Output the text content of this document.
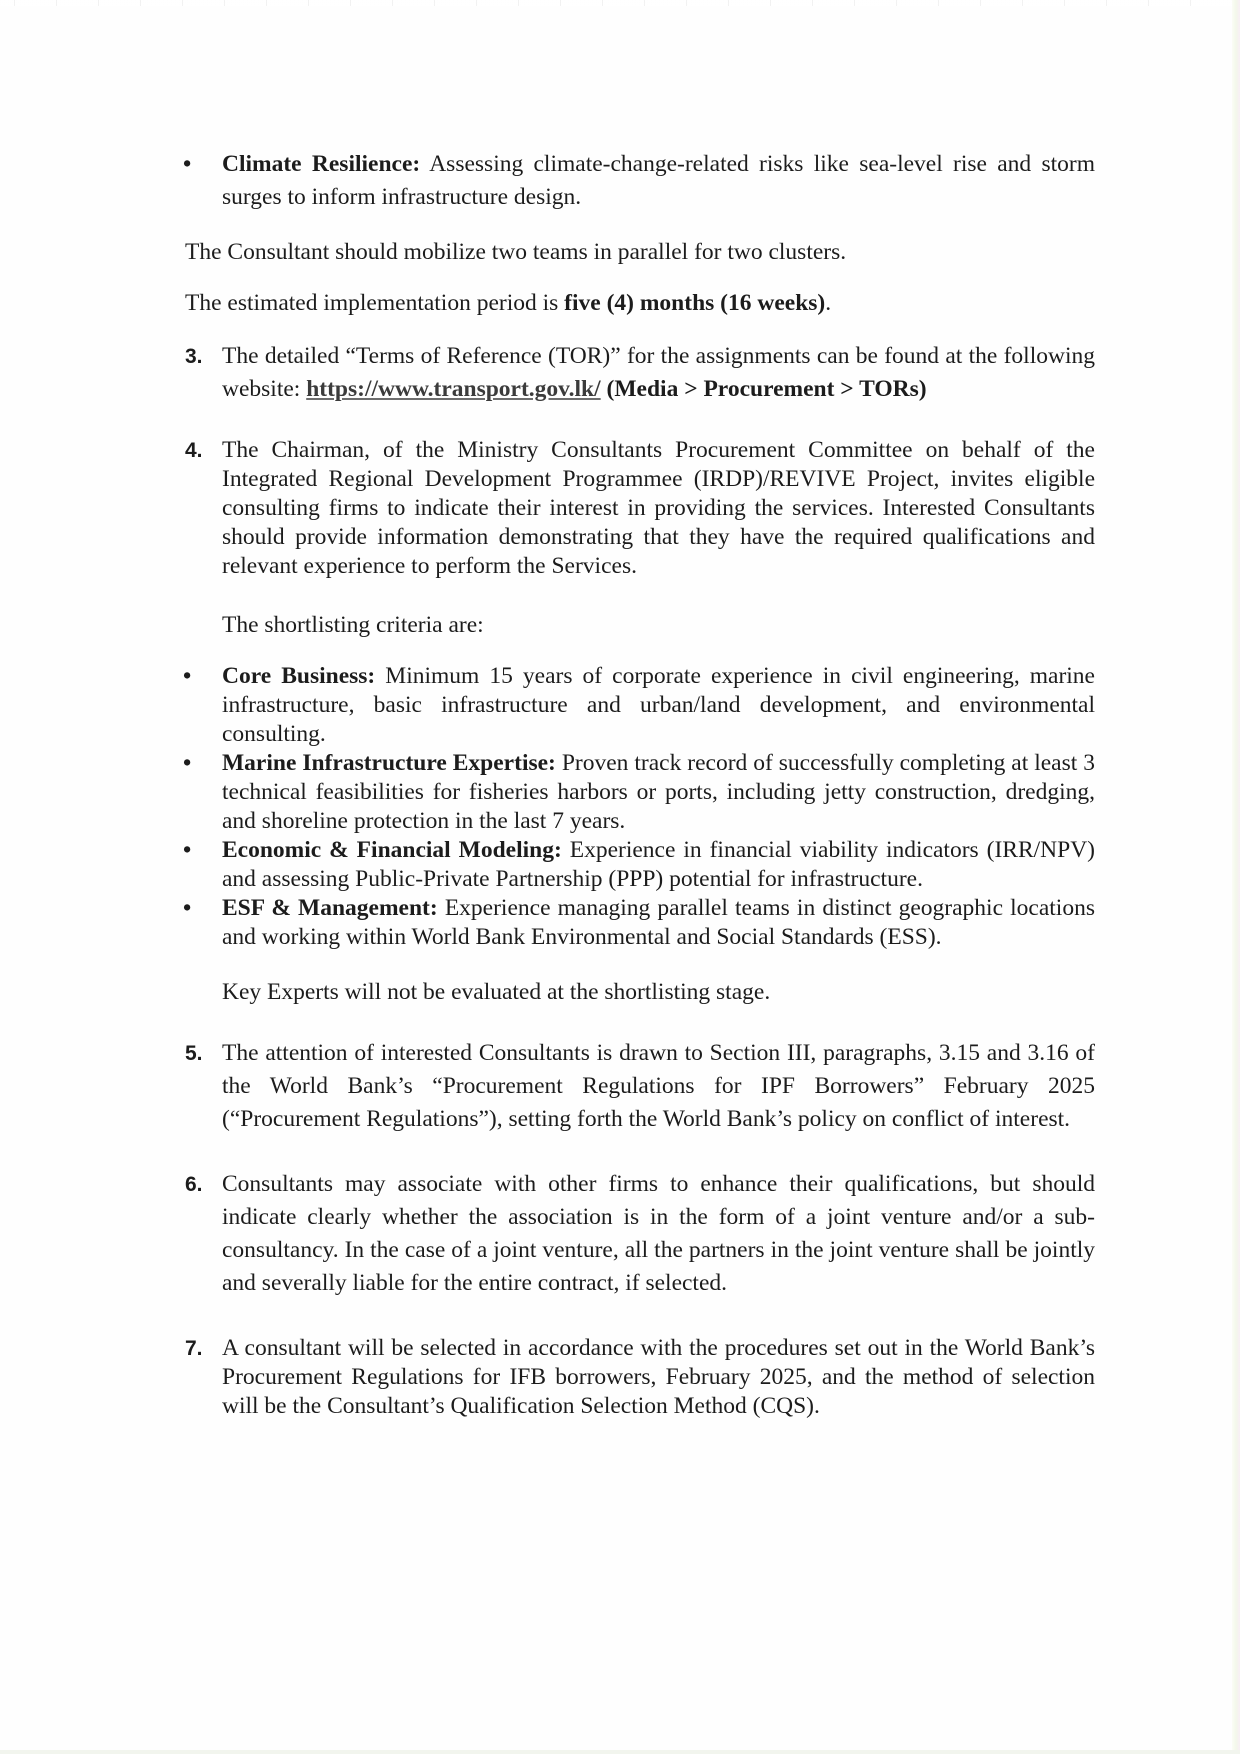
•	Climate Resilience: Assessing climate-change-related risks like sea-level rise and storm surges to inform infrastructure design.

The Consultant should mobilize two teams in parallel for two clusters.

The estimated implementation period is five (4) months (16 weeks).

3. The detailed “Terms of Reference (TOR)” for the assignments can be found at the following website: https://www.transport.gov.lk/ (Media > Procurement > TORs)
4. The Chairman, of the Ministry Consultants Procurement Committee on behalf of the Integrated Regional Development Programmee (IRDP)/REVIVE Project, invites eligible consulting firms to indicate their interest in providing the services. Interested Consultants should provide information demonstrating that they have the required qualifications and relevant experience to perform the Services.

The shortlisting criteria are:

•	Core Business: Minimum 15 years of corporate experience in civil engineering, marine infrastructure, basic infrastructure and urban/land development, and environmental consulting.
•	Marine Infrastructure Expertise: Proven track record of successfully completing at least 3 technical feasibilities for fisheries harbors or ports, including jetty construction, dredging, and shoreline protection in the last 7 years.
•	Economic & Financial Modeling: Experience in financial viability indicators (IRR/NPV) and assessing Public-Private Partnership (PPP) potential for infrastructure.
•	ESF & Management: Experience managing parallel teams in distinct geographic locations and working within World Bank Environmental and Social Standards (ESS).

Key Experts will not be evaluated at the shortlisting stage.

5. The attention of interested Consultants is drawn to Section III, paragraphs, 3.15 and 3.16 of the World Bank’s “Procurement Regulations for IPF Borrowers” February 2025 (“Procurement Regulations”), setting forth the World Bank’s policy on conflict of interest.
6. Consultants may associate with other firms to enhance their qualifications, but should indicate clearly whether the association is in the form of a joint venture and/or a sub-consultancy. In the case of a joint venture, all the partners in the joint venture shall be jointly and severally liable for the entire contract, if selected.
7. A consultant will be selected in accordance with the procedures set out in the World Bank’s Procurement Regulations for IFB borrowers, February 2025, and the method of selection will be the Consultant’s Qualification Selection Method (CQS).
